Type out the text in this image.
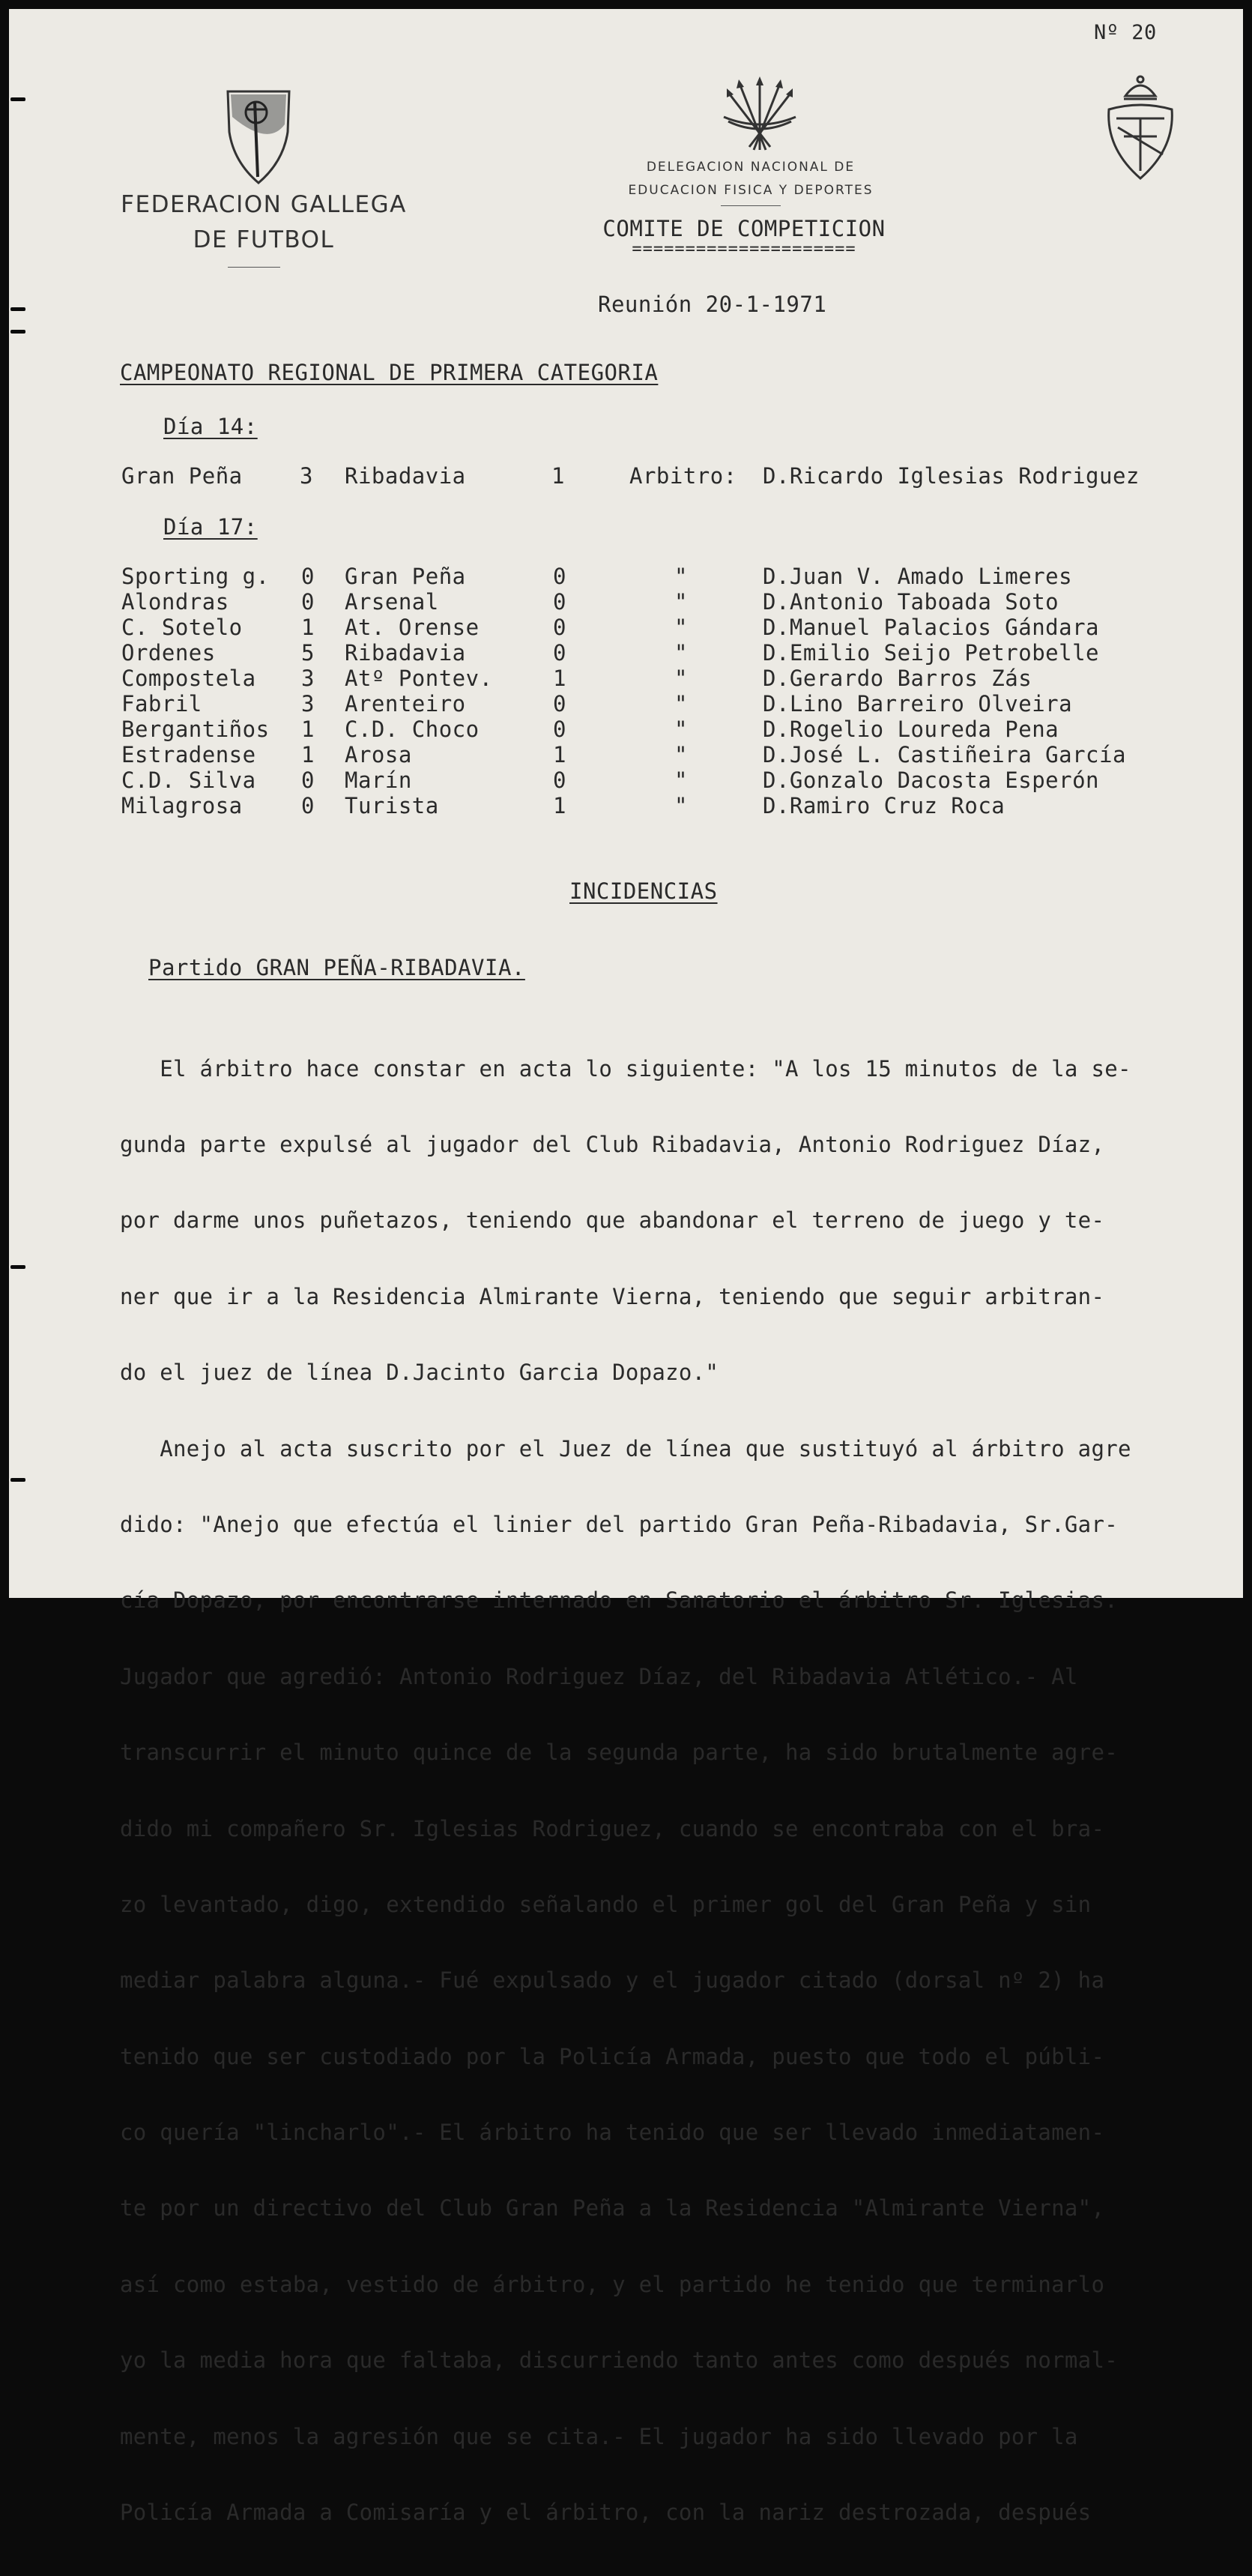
Nº 20
FEDERACION GALLEGA
DE FUTBOL
DELEGACION NACIONAL DE
EDUCACION FISICA Y DEPORTES
COMITE DE COMPETICION
=====================
Reunión 20-1-1971
CAMPEONATO REGIONAL DE PRIMERA CATEGORIA
Día 14:
Gran Peña	3 Ribadavia	1	Arbitro: D.Ricardo Iglesias Rodriguez
Día 17:
Sporting g. 0 Gran Peña	0	"	D.Juan V. Amado Limeres
Alondras	0 Arsenal	0	"	D.Antonio Taboada Soto
C. Sotelo	1 At. Orense	0	"	D.Manuel Palacios Gándara
Ordenes	5 Ribadavia	0	"	D.Emilio Seijo Petrobelle
Compostela 3 Atº Pontev.	1	"	D.Gerardo Barros Zás
Fabril	3 Arenteiro	0	"	D.Lino Barreiro Olveira
Bergantiños 1 C.D. Choco	0	"	D.Rogelio Loureda Pena
Estradense 1 Arosa	1	"	D.José L. Castiñeira García
C.D. Silva 0 Marín	0	"	D.Gonzalo Dacosta Esperón
Milagrosa	0 Turista	1	"	D.Ramiro Cruz Roca
INCIDENCIAS
Partido GRAN PEÑA-RIBADAVIA.

El árbitro hace constar en acta lo siguiente: "A los 15 minutos de la se-

gunda parte expulsé al jugador del Club Ribadavia, Antonio Rodriguez Díaz,

por darme unos puñetazos, teniendo que abandonar el terreno de juego y te-

ner que ir a la Residencia Almirante Vierna, teniendo que seguir arbitran-

do el juez de línea D.Jacinto Garcia Dopazo."

Anejo al acta suscrito por el Juez de línea que sustituyó al árbitro agre

dido: "Anejo que efectúa el linier del partido Gran Peña-Ribadavia, Sr.Gar-

cía Dopazo, por encontrarse internado en Sanatorio el árbitro Sr. Iglesias.

Jugador que agredió: Antonio Rodriguez Díaz, del Ribadavia Atlético.- Al

transcurrir el minuto quince de la segunda parte, ha sido brutalmente agre-

dido mi compañero Sr. Iglesias Rodriguez, cuando se encontraba con el bra-

zo levantado, digo, extendido señalando el primer gol del Gran Peña y sin

mediar palabra alguna.- Fué expulsado y el jugador citado (dorsal nº 2) ha

tenido que ser custodiado por la Policía Armada, puesto que todo el públi-

co quería "lincharlo".- El árbitro ha tenido que ser llevado inmediatamen-

te por un directivo del Club Gran Peña a la Residencia "Almirante Vierna",

así como estaba, vestido de árbitro, y el partido he tenido que terminarlo

yo la media hora que faltaba, discurriendo tanto antes como después normal-

mente, menos la agresión que se cita.- El jugador ha sido llevado por la

Policía Armada a Comisaría y el árbitro, con la nariz destrozada, después
